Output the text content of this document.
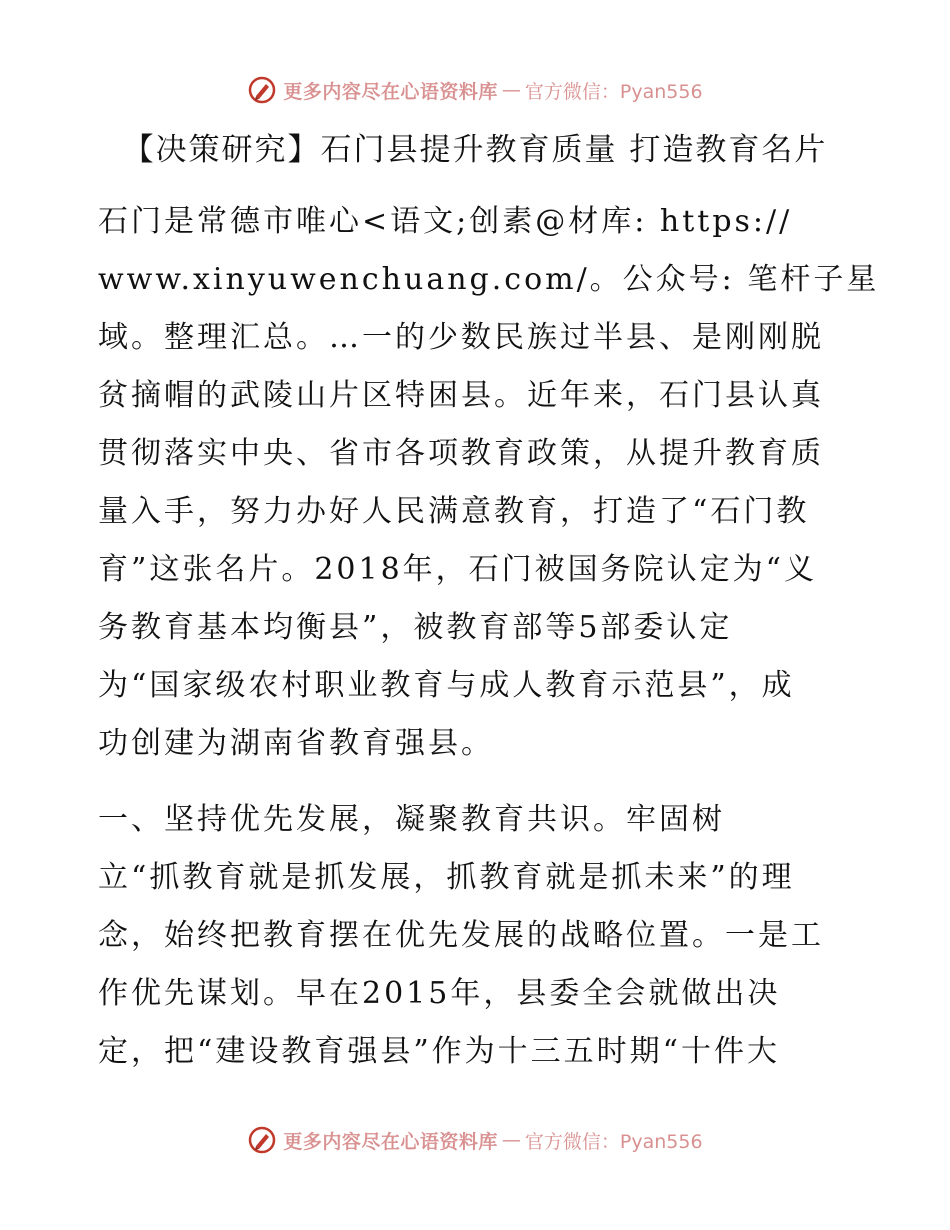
更多内容尽在心语资料库 — 官方微信：Pyan556
【决策研究】石门县提升教育质量 打造教育名片
石门是常德市唯心<语文;创素@材库: https://
www.xinyuwenchuang.com/。公众号: 笔杆子星
域。整理汇总。…一的少数民族过半县、是刚刚脱
贫摘帽的武陵山片区特困县。近年来，石门县认真
贯彻落实中央、省市各项教育政策，从提升教育质
量入手，努力办好人民满意教育，打造了“石门教
育”这张名片。2018年，石门被国务院认定为“义
务教育基本均衡县”，被教育部等5部委认定
为“国家级农村职业教育与成人教育示范县”，成
功创建为湖南省教育强县。
一、坚持优先发展，凝聚教育共识。牢固树
立“抓教育就是抓发展，抓教育就是抓未来”的理
念，始终把教育摆在优先发展的战略位置。一是工
作优先谋划。早在2015年，县委全会就做出决
定，把“建设教育强县”作为十三五时期“十件大
更多内容尽在心语资料库 — 官方微信：Pyan556
